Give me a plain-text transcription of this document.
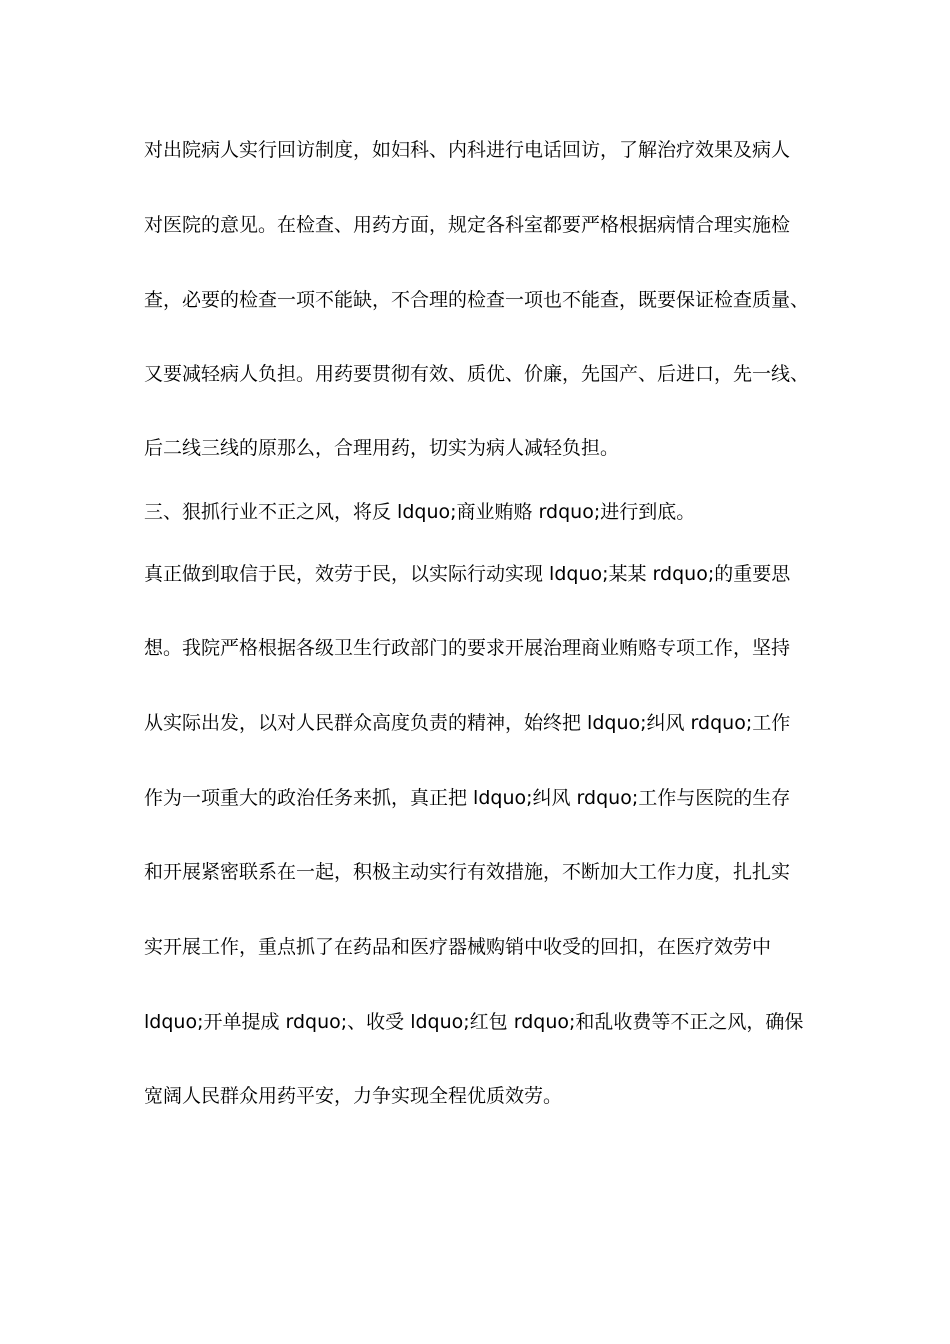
对出院病人实行回访制度，如妇科、内科进行电话回访，了解治疗效果及病人
对医院的意见。在检查、用药方面，规定各科室都要严格根据病情合理实施检
查，必要的检查一项不能缺，不合理的检查一项也不能查，既要保证检查质量、
又要减轻病人负担。用药要贯彻有效、质优、价廉，先国产、后进口，先一线、
后二线三线的原那么，合理用药，切实为病人减轻负担。
三、狠抓行业不正之风，将反 ldquo;商业贿赂 rdquo;进行到底。
真正做到取信于民，效劳于民，以实际行动实现 ldquo;某某 rdquo;的重要思
想。我院严格根据各级卫生行政部门的要求开展治理商业贿赂专项工作，坚持
从实际出发，以对人民群众高度负责的精神，始终把 ldquo;纠风 rdquo;工作
作为一项重大的政治任务来抓，真正把 ldquo;纠风 rdquo;工作与医院的生存
和开展紧密联系在一起，积极主动实行有效措施，不断加大工作力度，扎扎实
实开展工作，重点抓了在药品和医疗器械购销中收受的回扣，在医疗效劳中
ldquo;开单提成 rdquo;、收受 ldquo;红包 rdquo;和乱收费等不正之风，确保
宽阔人民群众用药平安，力争实现全程优质效劳。
